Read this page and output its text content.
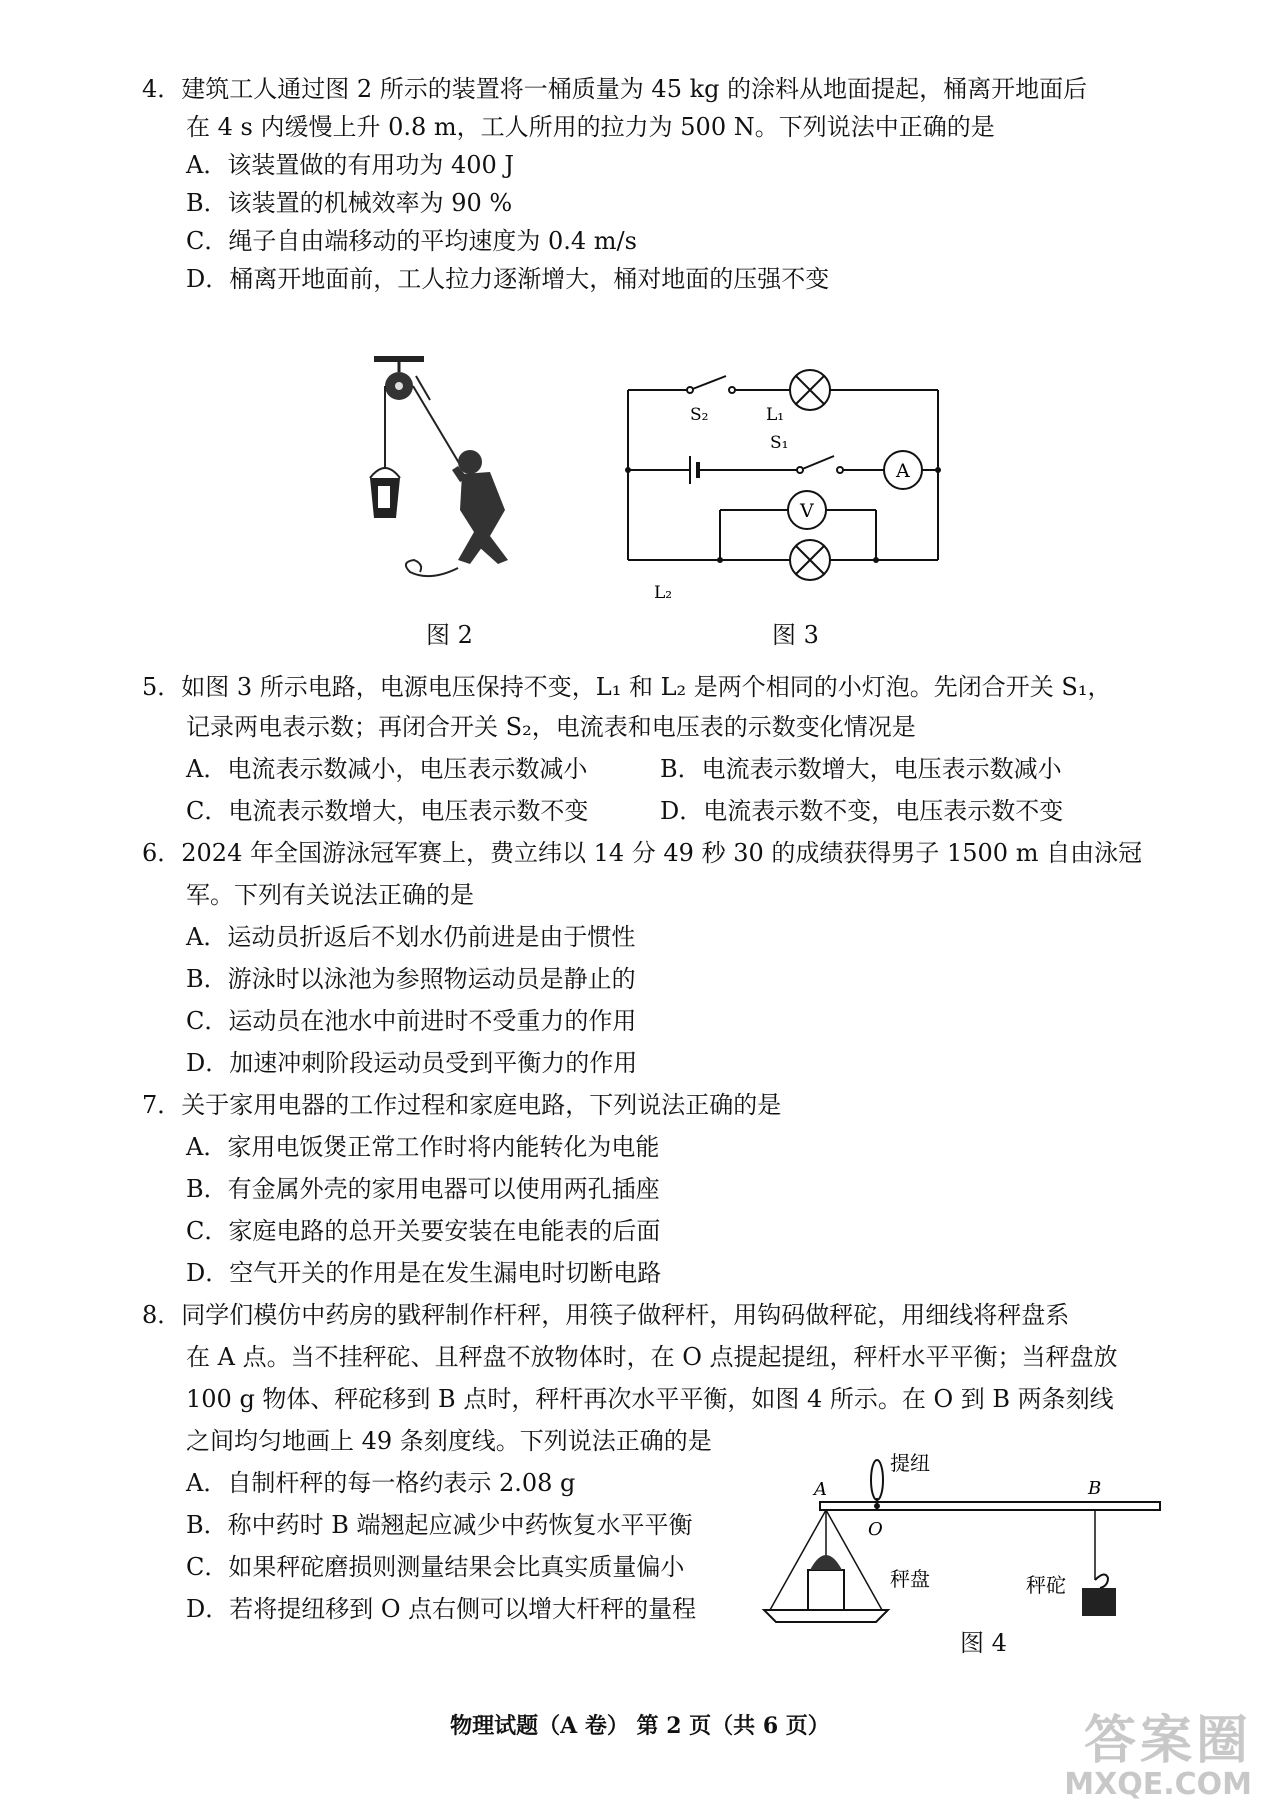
4．建筑工人通过图 2 所示的装置将一桶质量为 45 kg 的涂料从地面提起，桶离开地面后
在 4 s 内缓慢上升 0.8 m，工人所用的拉力为 500 N。下列说法中正确的是
A．该装置做的有用功为 400 J
B．该装置的机械效率为 90 %
C．绳子自由端移动的平均速度为 0.4 m/s
D．桶离开地面前，工人拉力逐渐增大，桶对地面的压强不变
图 2
S₂	L₁
S₁
A
V
L₂
图 3
5．如图 3 所示电路，电源电压保持不变，L₁ 和 L₂ 是两个相同的小灯泡。先闭合开关 S₁，
记录两电表示数；再闭合开关 S₂，电流表和电压表的示数变化情况是
A．电流表示数减小，电压表示数减小	B．电流表示数增大，电压表示数减小
C．电流表示数增大，电压表示数不变	D．电流表示数不变，电压表示数不变
6．2024 年全国游泳冠军赛上，费立纬以 14 分 49 秒 30 的成绩获得男子 1500 m 自由泳冠
军。下列有关说法正确的是
A．运动员折返后不划水仍前进是由于惯性
B．游泳时以泳池为参照物运动员是静止的
C．运动员在池水中前进时不受重力的作用
D．加速冲刺阶段运动员受到平衡力的作用
7．关于家用电器的工作过程和家庭电路，下列说法正确的是
A．家用电饭煲正常工作时将内能转化为电能
B．有金属外壳的家用电器可以使用两孔插座
C．家庭电路的总开关要安装在电能表的后面
D．空气开关的作用是在发生漏电时切断电路
8．同学们模仿中药房的戥秤制作杆秤，用筷子做秤杆，用钩码做秤砣，用细线将秤盘系
在 A 点。当不挂秤砣、且秤盘不放物体时，在 O 点提起提纽，秤杆水平平衡；当秤盘放
100 g 物体、秤砣移到 B 点时，秤杆再次水平平衡，如图 4 所示。在 O 到 B 两条刻线
之间均匀地画上 49 条刻度线。下列说法正确的是
A．自制杆秤的每一格约表示 2.08 g
B．称中药时 B 端翘起应减少中药恢复水平平衡
C．如果秤砣磨损则测量结果会比真实质量偏小
D．若将提纽移到 O 点右侧可以增大杆秤的量程
A
O
B
提纽
秤盘	秤砣
图 4
物理试题（A 卷） 第 2 页（共 6 页）	答案圈
MXQE.COM
